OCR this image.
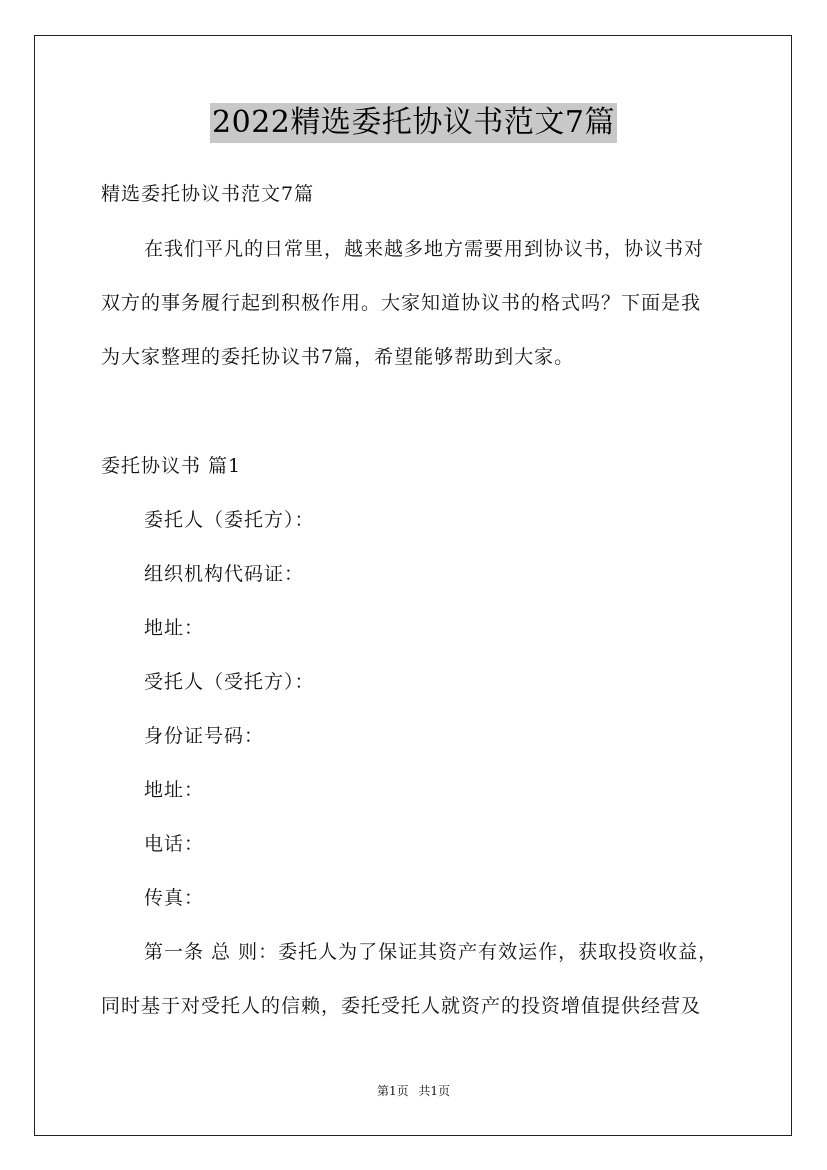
2022精选委托协议书范文7篇
精选委托协议书范文7篇
在我们平凡的日常里，越来越多地方需要用到协议书，协议书对
双方的事务履行起到积极作用。大家知道协议书的格式吗？下面是我
为大家整理的委托协议书7篇，希望能够帮助到大家。
委托协议书 篇1
委托人（委托方）：
组织机构代码证：
地址：
受托人（受托方）：
身份证号码：
地址：
电话：
传真：
第一条 总 则：委托人为了保证其资产有效运作，获取投资收益，
同时基于对受托人的信赖，委托受托人就资产的投资增值提供经营及
第1页 共1页
